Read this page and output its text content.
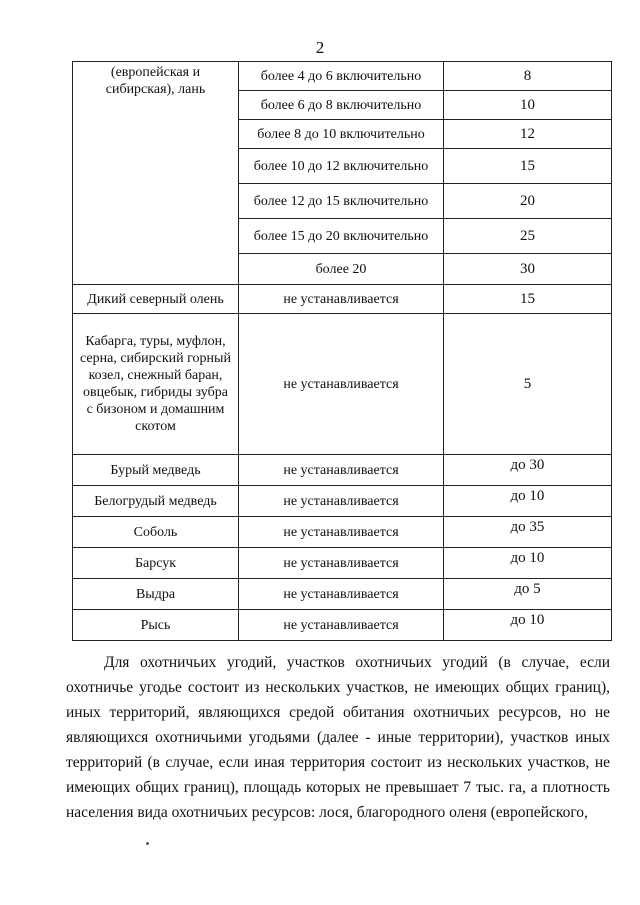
2
(европейская и сибирская), лань	более 4 до 6 включительно	8
	более 6 до 8 включительно	10
	более 8 до 10 включительно	12
	более 10 до 12 включительно	15
	более 12 до 15 включительно	20
	более 15 до 20 включительно	25
	более 20	30
Дикий северный олень	не устанавливается	15
Кабарга, туры, муфлон, серна, сибирский горный козел, снежный баран, овцебык, гибриды зубра с бизоном и домашним скотом	не устанавливается	5
Бурый медведь	не устанавливается	до 30
Белогрудый медведь	не устанавливается	до 10
Соболь	не устанавливается	до 35
Барсук	не устанавливается	до 10
Выдра	не устанавливается	до 5
Рысь	не устанавливается	до 10
Для охотничьих угодий, участков охотничьих угодий (в случае, если охотничье угодье состоит из нескольких участков, не имеющих общих границ), иных территорий, являющихся средой обитания охотничьих ресурсов, но не являющихся охотничьими угодьями (далее - иные территории), участков иных территорий (в случае, если иная территория состоит из нескольких участков, не имеющих общих границ), площадь которых не превышает 7 тыс. га, а плотность населения вида охотничьих ресурсов: лося, благородного оленя (европейского,
